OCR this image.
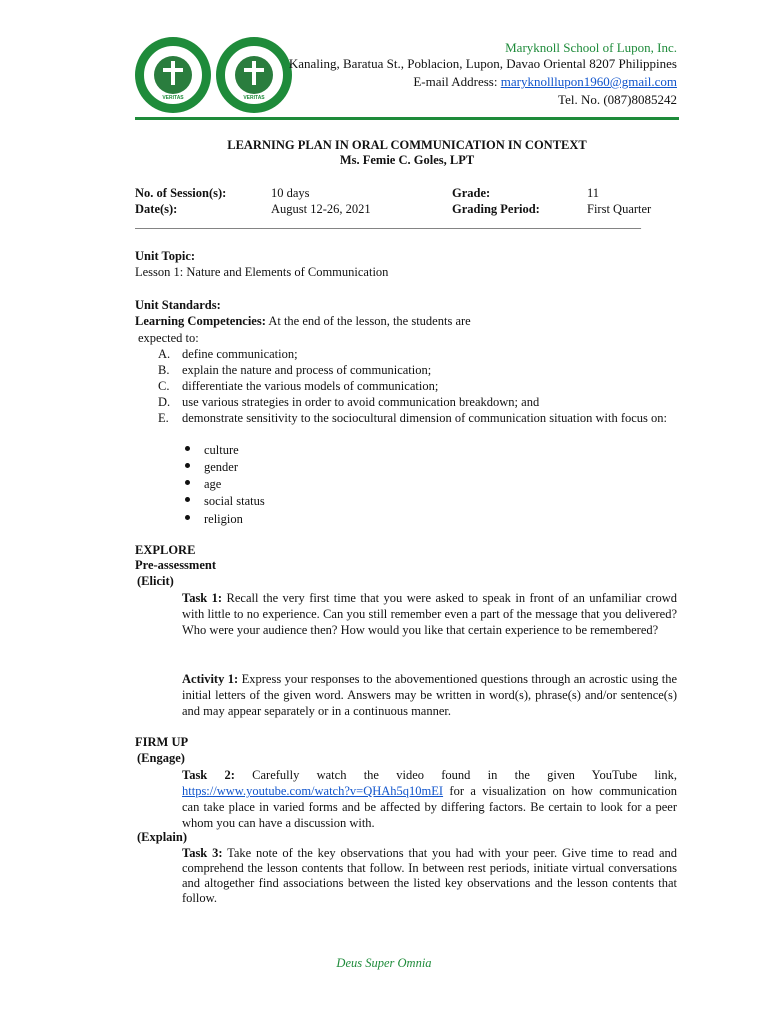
VERITAS	VERITAS
Maryknoll School of Lupon, Inc.
Kanaling, Baratua St., Poblacion, Lupon, Davao Oriental 8207 Philippines
E-mail Address: maryknolllupon1960@gmail.com
Tel. No. (087)8085242
LEARNING PLAN IN ORAL COMMUNICATION IN CONTEXT
Ms. Femie C. Goles, LPT
No. of Session(s):	10 days	Grade:	11
Date(s):	August 12-26, 2021	Grading Period:	First Quarter
____________________________________________________________________________________________
Unit Topic:
Lesson 1: Nature and Elements of Communication
Unit Standards:
Learning Competencies: At the end of the lesson, the students are
expected to:
A. define communication;
B. explain the nature and process of communication;
C. differentiate the various models of communication;
D. use various strategies in order to avoid communication breakdown; and
E. demonstrate sensitivity to the sociocultural dimension of communication situation with focus on:
culture
gender
age
social status
religion
EXPLORE
Pre-assessment
(Elicit)
Task 1: Recall the very first time that you were asked to speak in front of an unfamiliar crowd with little to no experience. Can you still remember even a part of the message that you delivered? Who were your audience then? How would you like that certain experience to be remembered?
Activity 1: Express your responses to the abovementioned questions through an acrostic using the initial letters of the given word. Answers may be written in word(s), phrase(s) and/or sentence(s) and may appear separately or in a continuous manner.
FIRM UP
(Engage)
Task 2: Carefully watch the video found in the given YouTube link, https://www.youtube.com/watch?v=QHAh5q10mEI for a visualization on how communication can take place in varied forms and be affected by differing factors. Be certain to look for a peer whom you can have a discussion with.
(Explain)
Task 3: Take note of the key observations that you had with your peer. Give time to read and comprehend the lesson contents that follow. In between rest periods, initiate virtual conversations and altogether find associations between the listed key observations and the lesson contents that follow.
Deus Super Omnia
